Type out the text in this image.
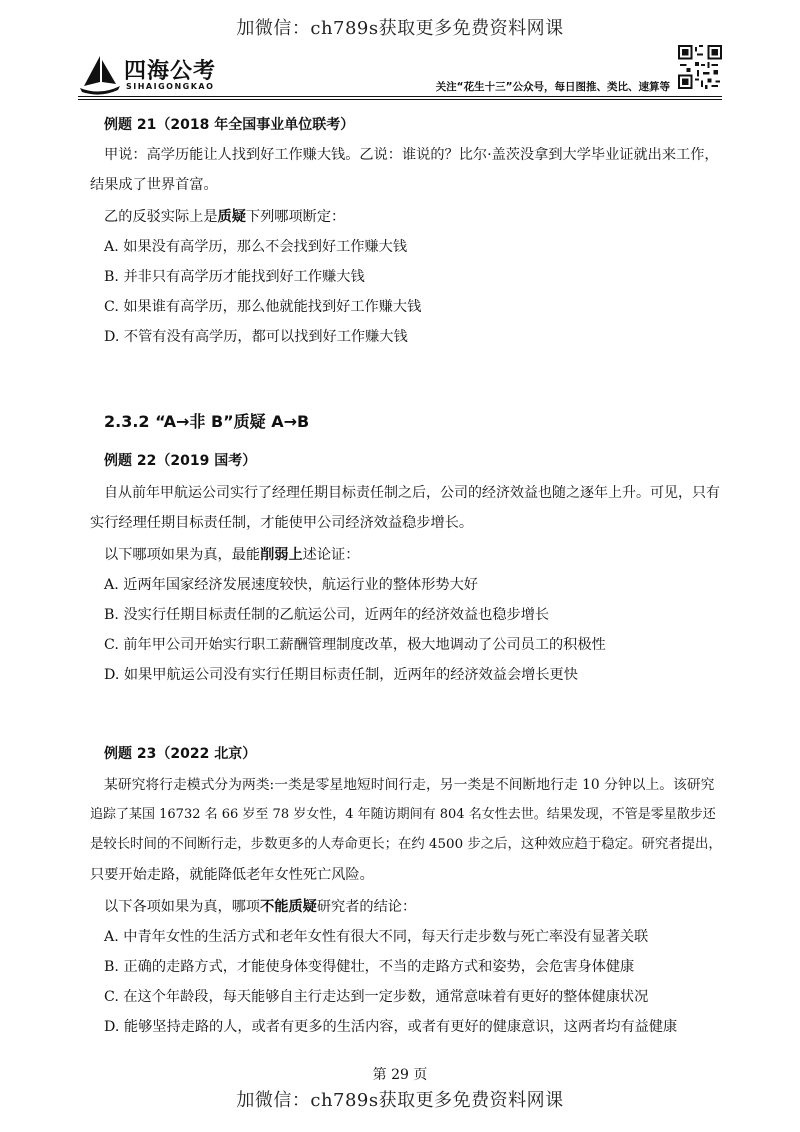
加微信：ch789s获取更多免费资料网课
四海公考
SIHAIGONGKAO	关注“花生十三”公众号，每日图推、类比、速算等
例题 21（2018 年全国事业单位联考）
甲说：高学历能让人找到好工作赚大钱。乙说：谁说的？比尔·盖茨没拿到大学毕业证就出来工作，
结果成了世界首富。
乙的反驳实际上是质疑下列哪项断定：
A. 如果没有高学历，那么不会找到好工作赚大钱
B. 并非只有高学历才能找到好工作赚大钱
C. 如果谁有高学历，那么他就能找到好工作赚大钱
D. 不管有没有高学历，都可以找到好工作赚大钱
2.3.2 “A→非 B”质疑 A→B
例题 22（2019 国考）
自从前年甲航运公司实行了经理任期目标责任制之后，公司的经济效益也随之逐年上升。可见，只有
实行经理任期目标责任制，才能使甲公司经济效益稳步增长。
以下哪项如果为真，最能削弱上述论证：
A. 近两年国家经济发展速度较快，航运行业的整体形势大好
B. 没实行任期目标责任制的乙航运公司，近两年的经济效益也稳步增长
C. 前年甲公司开始实行职工薪酬管理制度改革，极大地调动了公司员工的积极性
D. 如果甲航运公司没有实行任期目标责任制，近两年的经济效益会增长更快
例题 23（2022 北京）
某研究将行走模式分为两类:一类是零星地短时间行走，另一类是不间断地行走 10 分钟以上。该研究
追踪了某国 16732 名 66 岁至 78 岁女性，4 年随访期间有 804 名女性去世。结果发现，不管是零星散步还
是较长时间的不间断行走，步数更多的人寿命更长；在约 4500 步之后，这种效应趋于稳定。研究者提出，
只要开始走路，就能降低老年女性死亡风险。
以下各项如果为真，哪项不能质疑研究者的结论：
A. 中青年女性的生活方式和老年女性有很大不同，每天行走步数与死亡率没有显著关联
B. 正确的走路方式，才能使身体变得健壮，不当的走路方式和姿势，会危害身体健康
C. 在这个年龄段，每天能够自主行走达到一定步数，通常意味着有更好的整体健康状况
D. 能够坚持走路的人，或者有更多的生活内容，或者有更好的健康意识，这两者均有益健康
第 29 页
加微信：ch789s获取更多免费资料网课
